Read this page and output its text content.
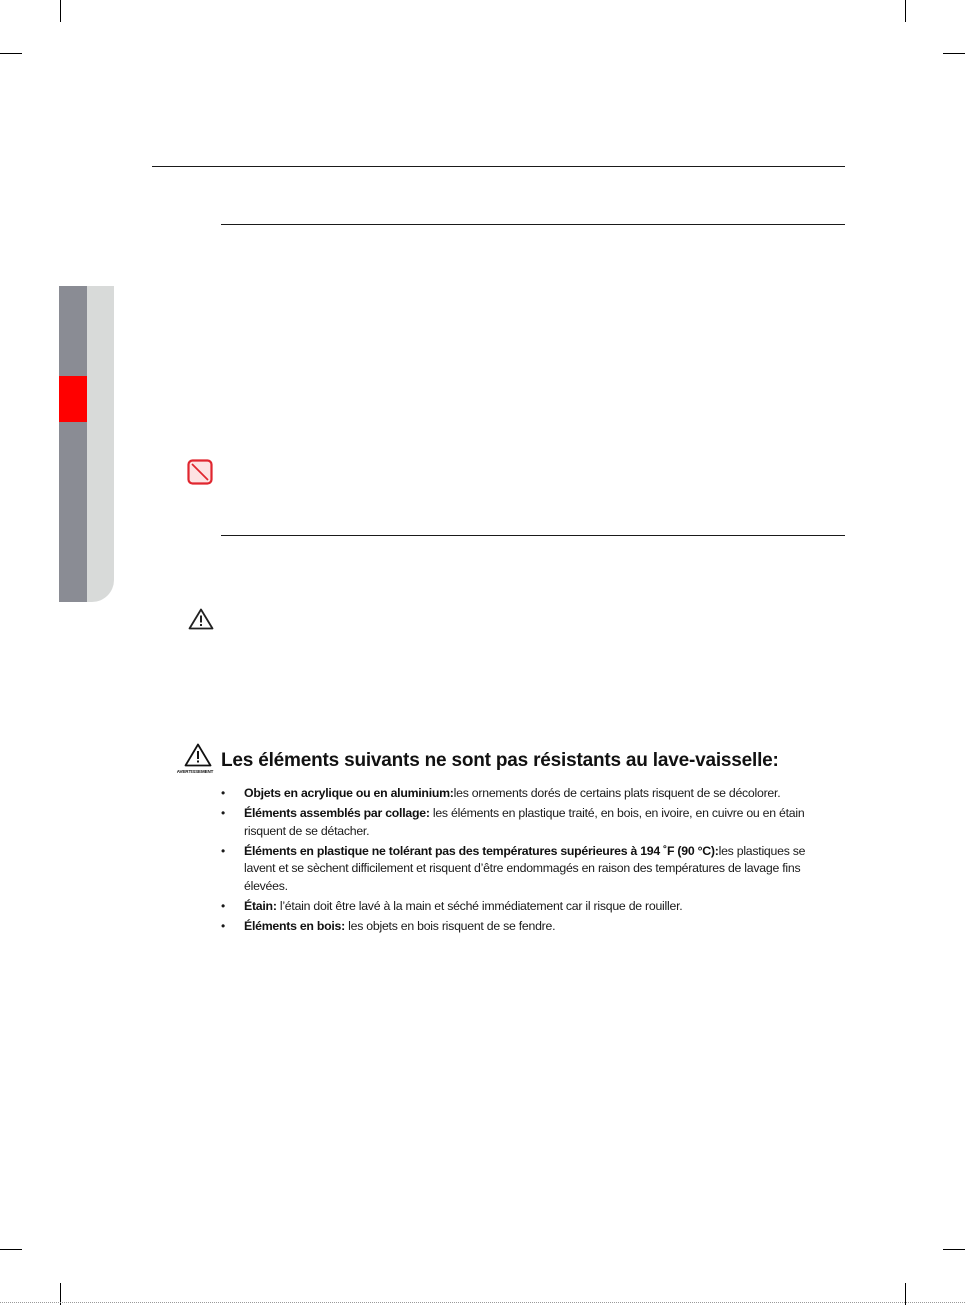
AVERTISSEMENT
Les éléments suivants ne sont pas résistants au lave-vaisselle:
• Objets en acrylique ou en aluminium:les ornements dorés de certains plats risquent de se décolorer.
• Éléments assemblés par collage: les éléments en plastique traité, en bois, en ivoire, en cuivre ou en étain risquent de se détacher.
• Éléments en plastique ne tolérant pas des températures supérieures à 194 ˚F (90 °C):les plastiques se lavent et se sèchent difficilement et risquent d’être endommagés en raison des températures de lavage fins élevées.
• Étain: l’étain doit être lavé à la main et séché immédiatement car il risque de rouiller.
• Éléments en bois: les objets en bois risquent de se fendre.
